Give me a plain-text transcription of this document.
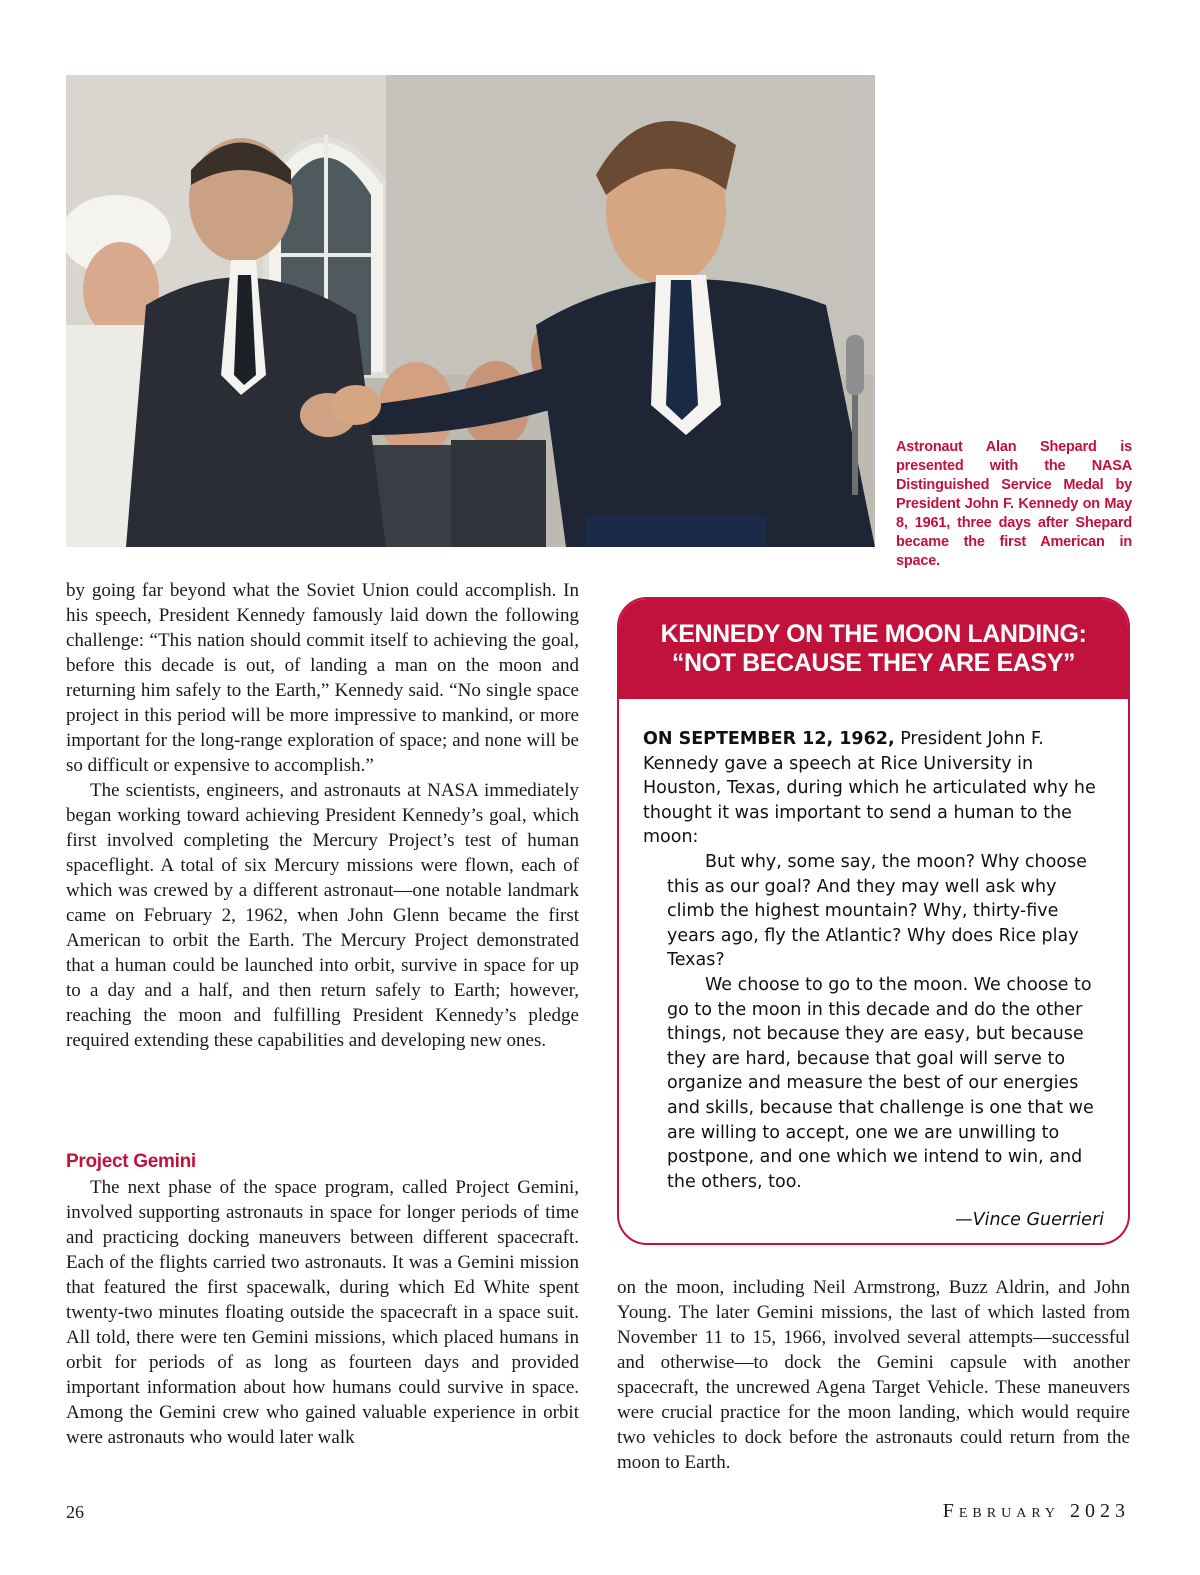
Astronaut Alan Shepard is presented with the NASA Distinguished Service Medal by President John F. Kennedy on May 8, 1961, three days after Shepard became the first American in space.

by going far beyond what the Soviet Union could accomplish. In his speech, President Kennedy famously laid down the following challenge: “This nation should commit itself to achieving the goal, before this decade is out, of landing a man on the moon and returning him safely to the Earth,” Kennedy said. “No single space project in this period will be more impressive to mankind, or more important for the long-range exploration of space; and none will be so difficult or expensive to accomplish.”

The scientists, engineers, and astronauts at NASA immediately began working toward achieving President Kennedy’s goal, which first involved completing the Mercury Project’s test of human spaceflight. A total of six Mercury missions were flown, each of which was crewed by a different astronaut—one notable landmark came on February 2, 1962, when John Glenn became the first American to orbit the Earth. The Mercury Project demonstrated that a human could be launched into orbit, survive in space for up to a day and a half, and then return safely to Earth; however, reaching the moon and fulfilling President Kennedy’s pledge required extending these capabilities and developing new ones.

Project Gemini

The next phase of the space program, called Project Gemini, involved supporting astronauts in space for longer periods of time and practicing docking maneuvers between different spacecraft. Each of the flights carried two astronauts. It was a Gemini mission that featured the first spacewalk, during which Ed White spent twenty-two minutes floating outside the spacecraft in a space suit. All told, there were ten Gemini missions, which placed humans in orbit for periods of as long as fourteen days and provided important information about how humans could survive in space. Among the Gemini crew who gained valuable experience in orbit were astronauts who would later walk

KENNEDY ON THE MOON LANDING:
“NOT BECAUSE THEY ARE EASY”
ON SEPTEMBER 12, 1962, President John F. Kennedy gave a speech at Rice University in Houston, Texas, during which he articulated why he thought it was important to send a human to the moon:

But why, some say, the moon? Why choose this as our goal? And they may well ask why climb the highest mountain? Why, thirty-five years ago, fly the Atlantic? Why does Rice play Texas?

We choose to go to the moon. We choose to go to the moon in this decade and do the other things, not because they are easy, but because they are hard, because that goal will serve to organize and measure the best of our energies and skills, because that challenge is one that we are willing to accept, one we are unwilling to postpone, and one which we intend to win, and the others, too.

—Vince Guerrieri

on the moon, including Neil Armstrong, Buzz Aldrin, and John Young. The later Gemini missions, the last of which lasted from November 11 to 15, 1966, involved several attempts—successful and otherwise—to dock the Gemini capsule with another spacecraft, the uncrewed Agena Target Vehicle. These maneuvers were crucial practice for the moon landing, which would require two vehicles to dock before the astronauts could return from the moon to Earth.

26	February 2023
